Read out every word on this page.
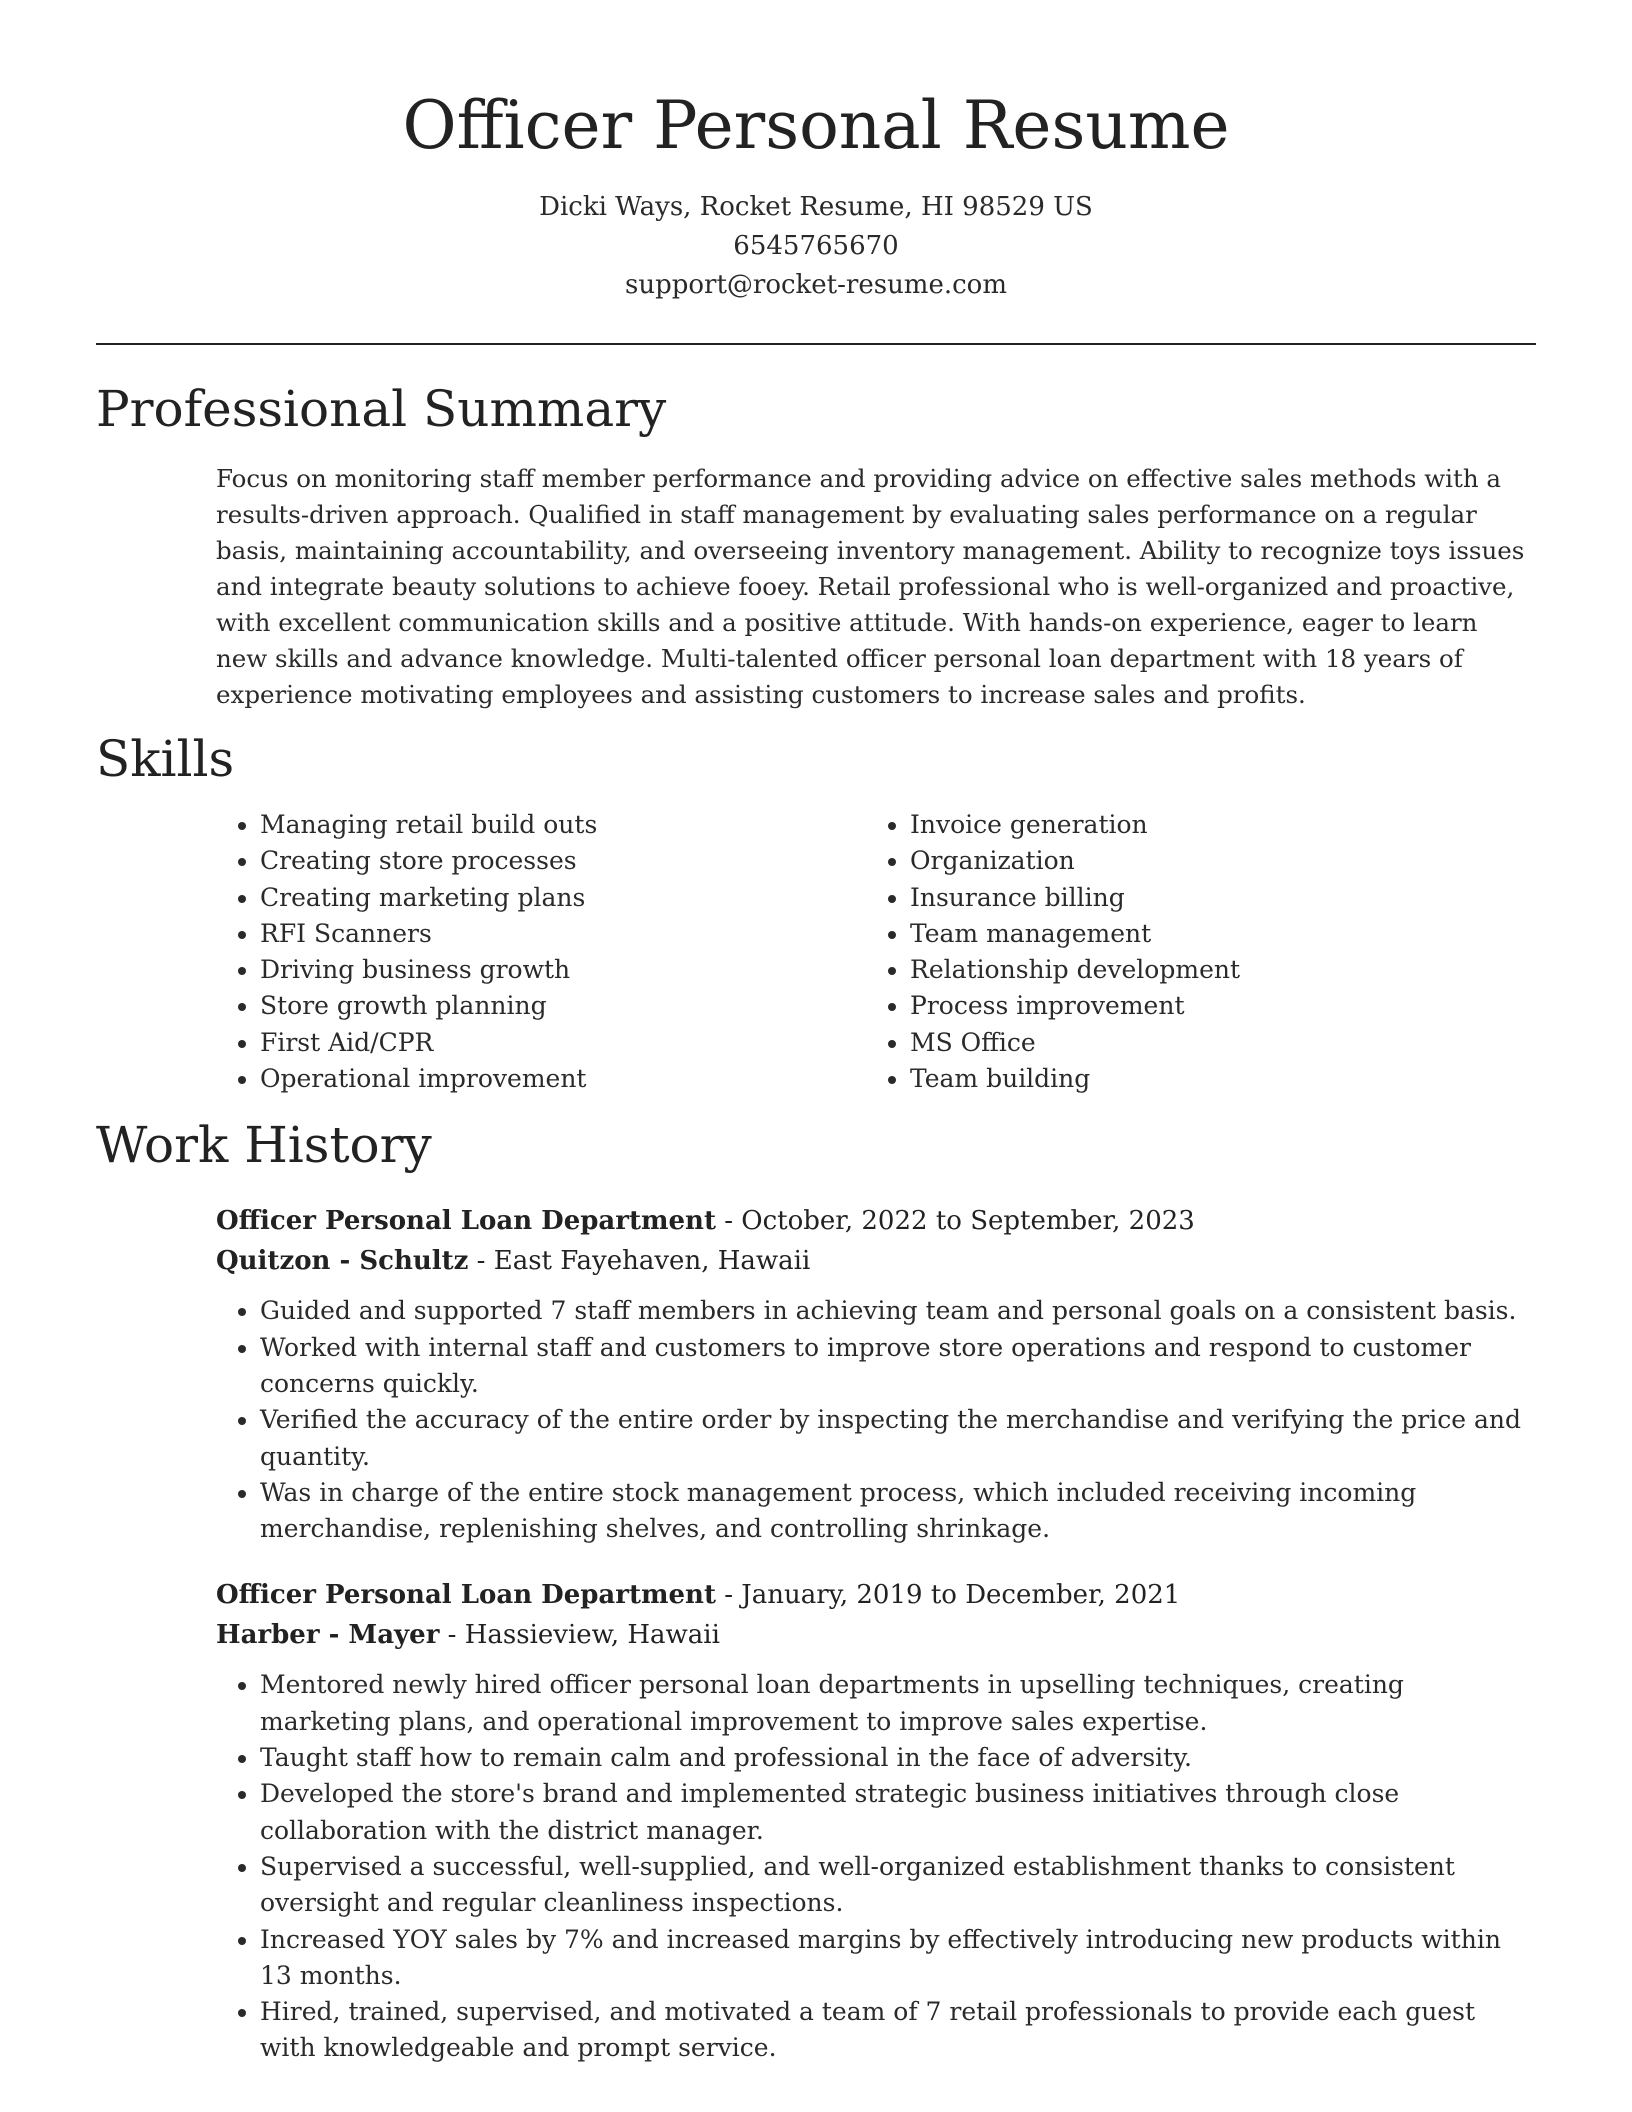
Officer Personal Resume
Dicki Ways, Rocket Resume, HI 98529 US
6545765670
support@rocket-resume.com
Professional Summary

Focus on monitoring staff member performance and providing advice on effective sales methods with a results-driven approach. Qualified in staff management by evaluating sales performance on a regular basis, maintaining accountability, and overseeing inventory management. Ability to recognize toys issues and integrate beauty solutions to achieve fooey. Retail professional who is well-organized and proactive, with excellent communication skills and a positive attitude. With hands-on experience, eager to learn new skills and advance knowledge. Multi-talented officer personal loan department with 18 years of experience motivating employees and assisting customers to increase sales and profits.

Skills
• Managing retail build outs
• Creating store processes
• Creating marketing plans
• RFI Scanners
• Driving business growth
• Store growth planning
• First Aid/CPR
• Operational improvement
• Invoice generation
• Organization
• Insurance billing
• Team management
• Relationship development
• Process improvement
• MS Office
• Team building
Work History
Officer Personal Loan Department - October, 2022 to September, 2023
Quitzon - Schultz - East Fayehaven, Hawaii
• Guided and supported 7 staff members in achieving team and personal goals on a consistent basis.
• Worked with internal staff and customers to improve store operations and respond to customer concerns quickly.
• Verified the accuracy of the entire order by inspecting the merchandise and verifying the price and quantity.
• Was in charge of the entire stock management process, which included receiving incoming merchandise, replenishing shelves, and controlling shrinkage.
Officer Personal Loan Department - January, 2019 to December, 2021
Harber - Mayer - Hassieview, Hawaii
• Mentored newly hired officer personal loan departments in upselling techniques, creating marketing plans, and operational improvement to improve sales expertise.
• Taught staff how to remain calm and professional in the face of adversity.
• Developed the store's brand and implemented strategic business initiatives through close collaboration with the district manager.
• Supervised a successful, well-supplied, and well-organized establishment thanks to consistent oversight and regular cleanliness inspections.
• Increased YOY sales by 7% and increased margins by effectively introducing new products within 13 months.
• Hired, trained, supervised, and motivated a team of 7 retail professionals to provide each guest with knowledgeable and prompt service.
